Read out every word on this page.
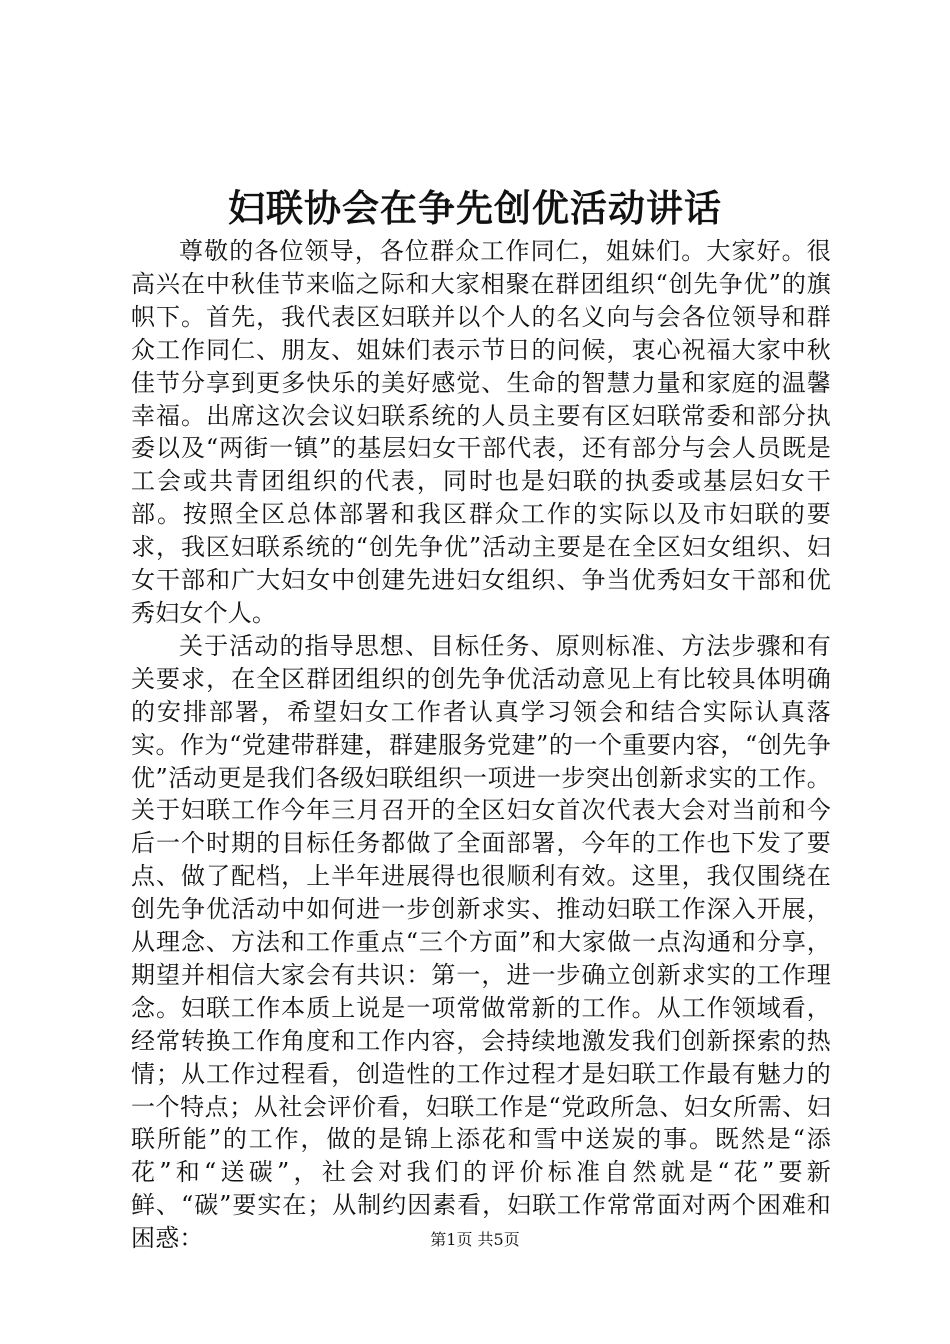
妇联协会在争先创优活动讲话

尊敬的各位领导，各位群众工作同仁，姐妹们。大家好。很高兴在中秋佳节来临之际和大家相聚在群团组织“创先争优”的旗帜下。首先，我代表区妇联并以个人的名义向与会各位领导和群众工作同仁、朋友、姐妹们表示节日的问候，衷心祝福大家中秋佳节分享到更多快乐的美好感觉、生命的智慧力量和家庭的温馨幸福。出席这次会议妇联系统的人员主要有区妇联常委和部分执委以及“两街一镇”的基层妇女干部代表，还有部分与会人员既是工会或共青团组织的代表，同时也是妇联的执委或基层妇女干部。按照全区总体部署和我区群众工作的实际以及市妇联的要求，我区妇联系统的“创先争优”活动主要是在全区妇女组织、妇女干部和广大妇女中创建先进妇女组织、争当优秀妇女干部和优秀妇女个人。

关于活动的指导思想、目标任务、原则标准、方法步骤和有关要求，在全区群团组织的创先争优活动意见上有比较具体明确的安排部署，希望妇女工作者认真学习领会和结合实际认真落实。作为“党建带群建，群建服务党建”的一个重要内容，“创先争优”活动更是我们各级妇联组织一项进一步突出创新求实的工作。关于妇联工作今年三月召开的全区妇女首次代表大会对当前和今后一个时期的目标任务都做了全面部署，今年的工作也下发了要点、做了配档，上半年进展得也很顺利有效。这里，我仅围绕在创先争优活动中如何进一步创新求实、推动妇联工作深入开展，从理念、方法和工作重点“三个方面”和大家做一点沟通和分享，期望并相信大家会有共识：第一，进一步确立创新求实的工作理念。妇联工作本质上说是一项常做常新的工作。从工作领域看，经常转换工作角度和工作内容，会持续地激发我们创新探索的热情；从工作过程看，创造性的工作过程才是妇联工作最有魅力的一个特点；从社会评价看，妇联工作是“党政所急、妇女所需、妇联所能”的工作，做的是锦上添花和雪中送炭的事。既然是“添花”和“送碳”，社会对我们的评价标准自然就是“花”要新鲜、“碳”要实在；从制约因素看，妇联工作常常面对两个困难和困惑：	第1页 共5页
